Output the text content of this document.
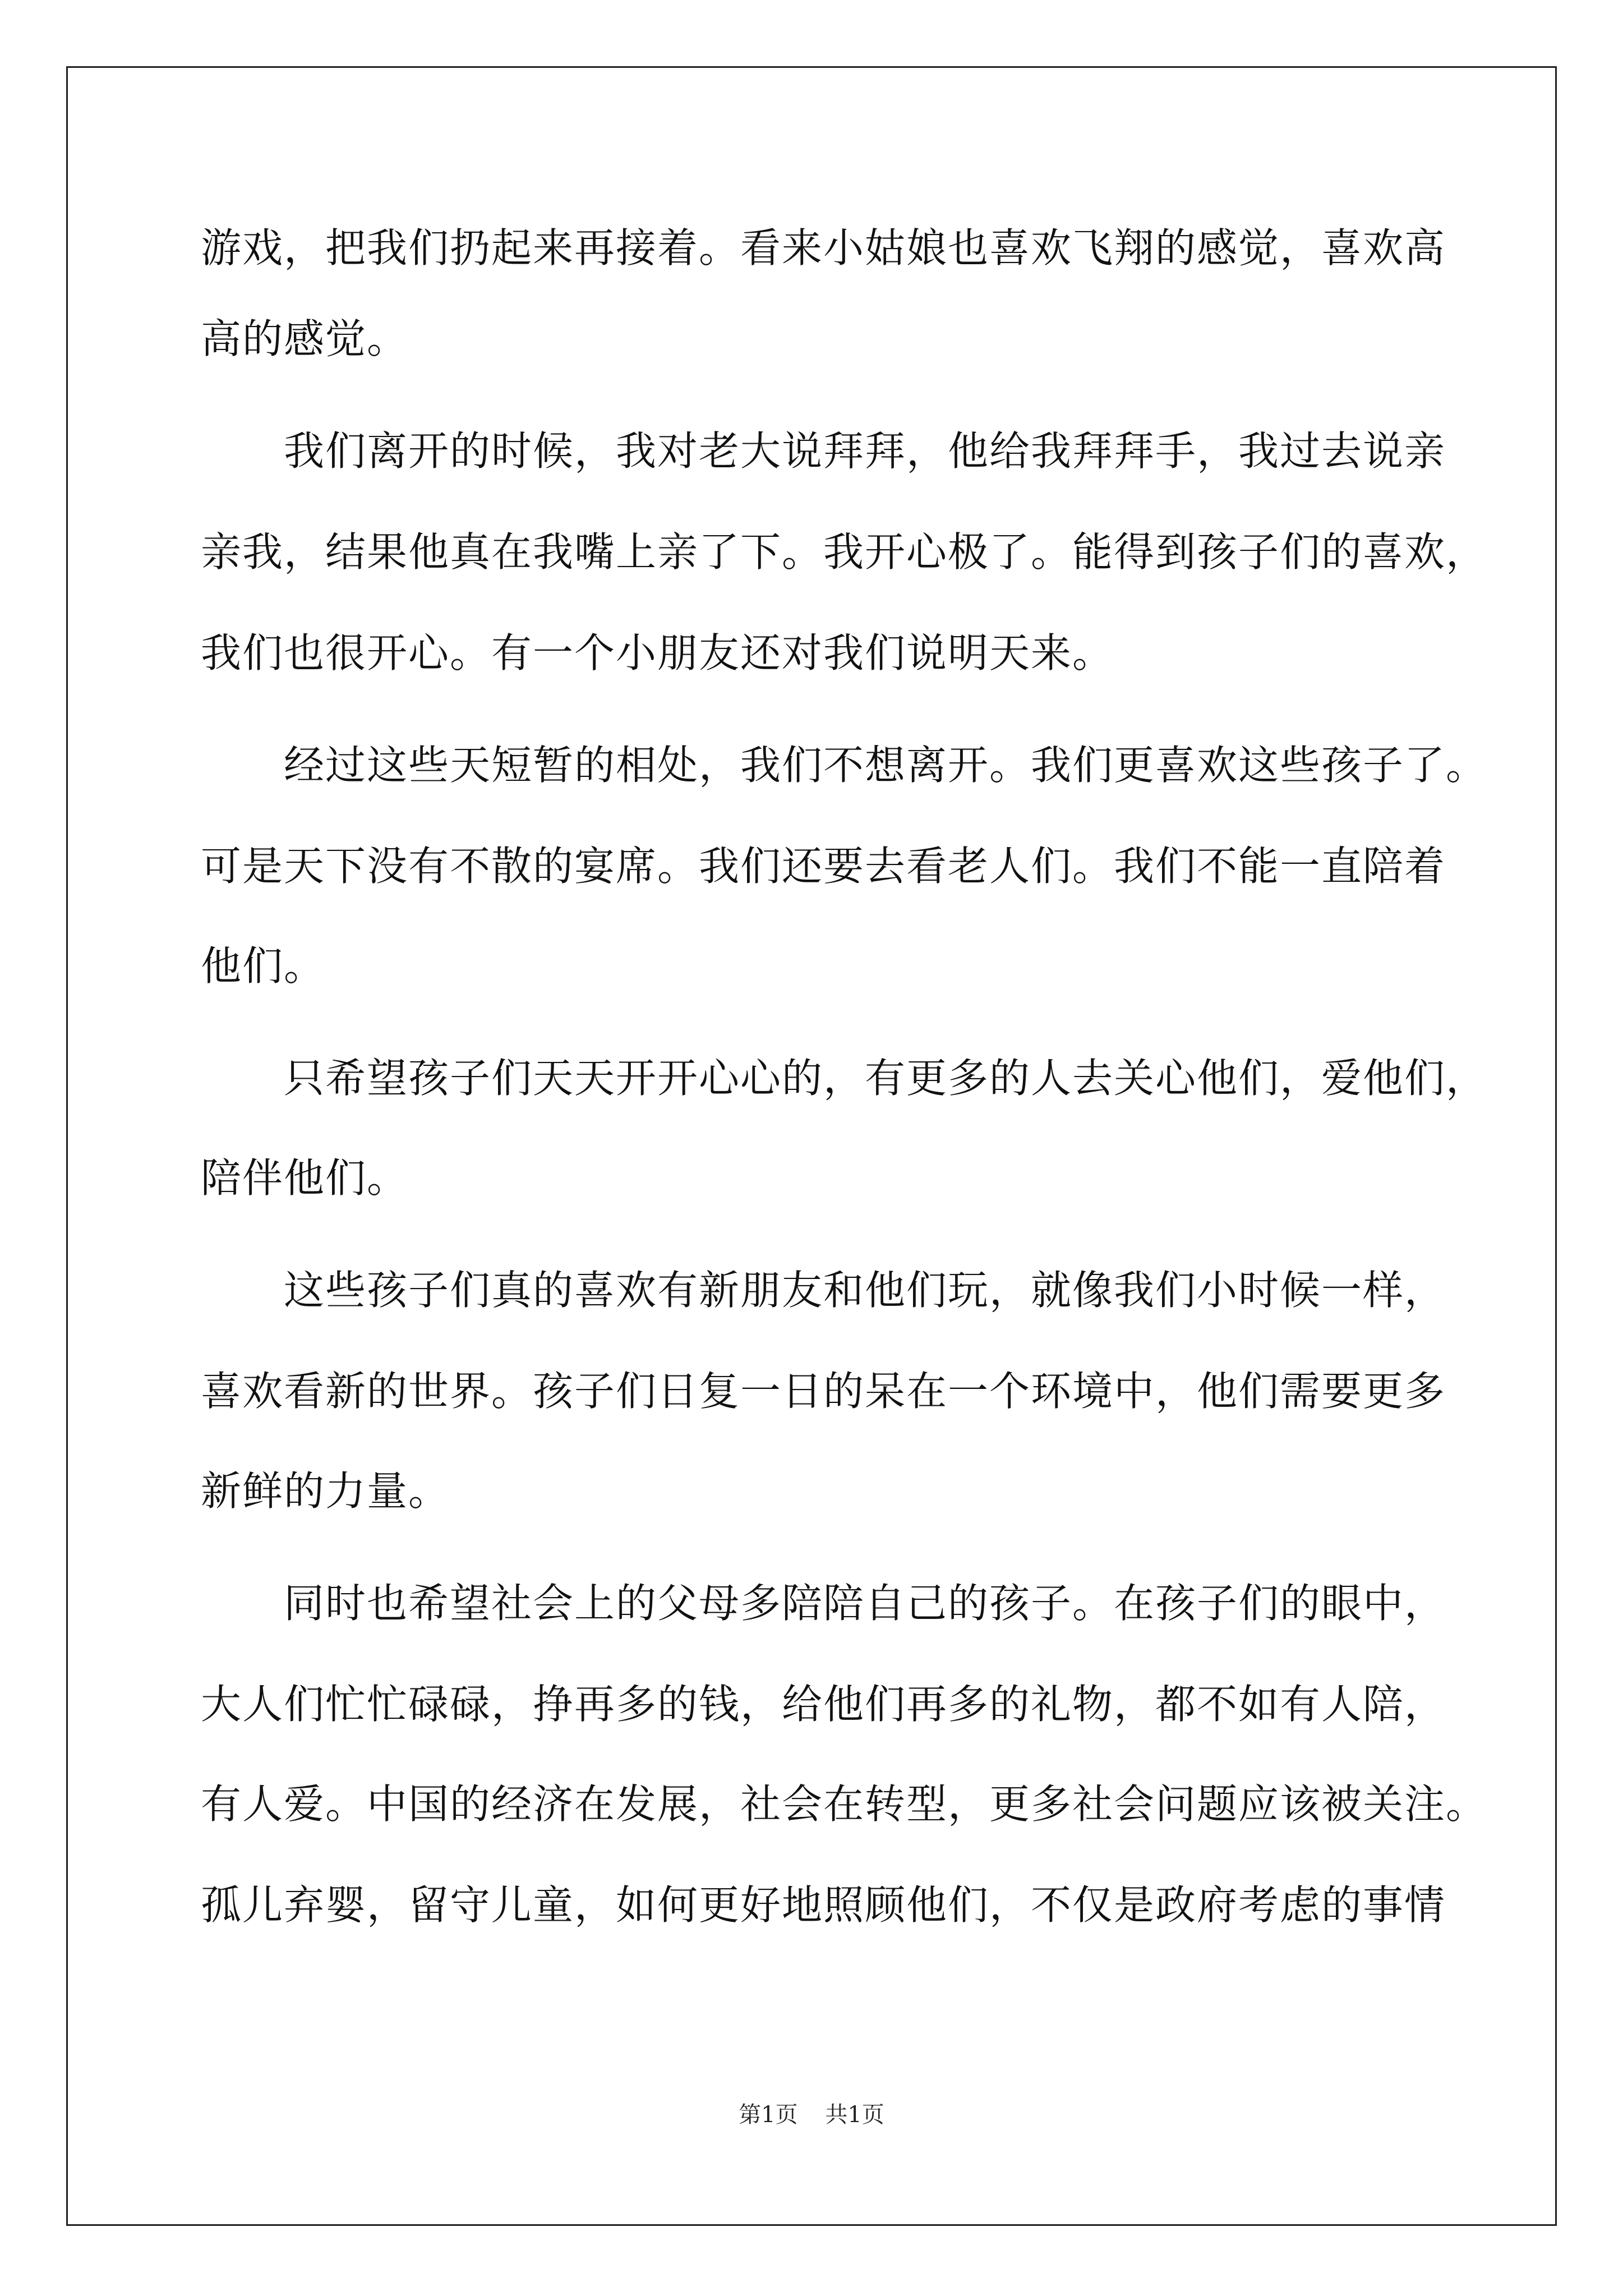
游戏，把我们扔起来再接着。看来小姑娘也喜欢飞翔的感觉，喜欢高
高的感觉。
我们离开的时候，我对老大说拜拜，他给我拜拜手，我过去说亲
亲我，结果他真在我嘴上亲了下。我开心极了。能得到孩子们的喜欢，
我们也很开心。有一个小朋友还对我们说明天来。
经过这些天短暂的相处，我们不想离开。我们更喜欢这些孩子了。
可是天下没有不散的宴席。我们还要去看老人们。我们不能一直陪着
他们。
只希望孩子们天天开开心心的，有更多的人去关心他们，爱他们，
陪伴他们。
这些孩子们真的喜欢有新朋友和他们玩，就像我们小时候一样，
喜欢看新的世界。孩子们日复一日的呆在一个环境中，他们需要更多
新鲜的力量。
同时也希望社会上的父母多陪陪自己的孩子。在孩子们的眼中，
大人们忙忙碌碌，挣再多的钱，给他们再多的礼物，都不如有人陪，
有人爱。中国的经济在发展，社会在转型，更多社会问题应该被关注。
孤儿弃婴，留守儿童，如何更好地照顾他们，不仅是政府考虑的事情
第1页 共1页
